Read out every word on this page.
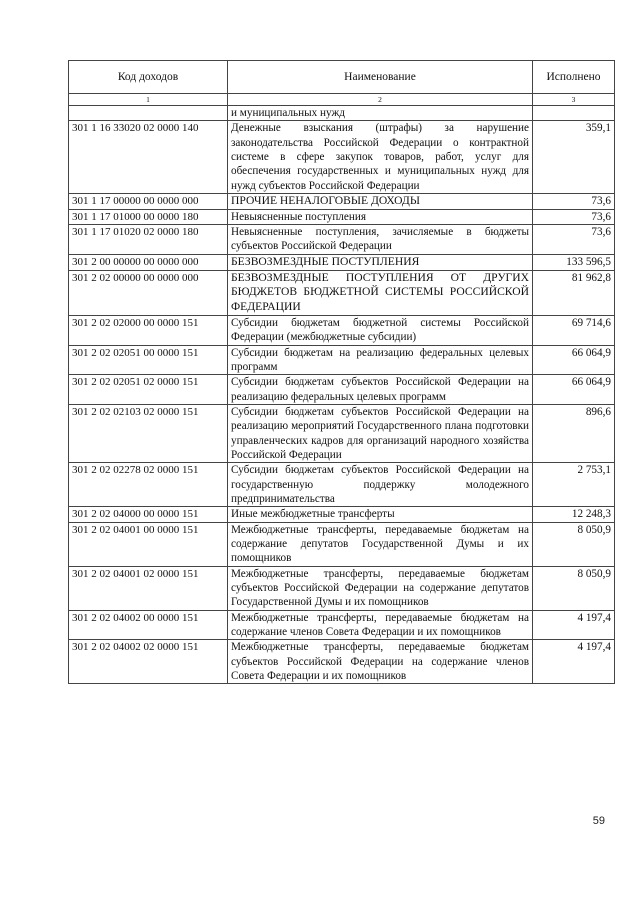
Код доходов	Наименование	Исполнено
1	2	3
	и муниципальных нужд	
301 1 16 33020 02 0000 140	Денежные взыскания (штрафы) за нарушение законодательства Российской Федерации о контрактной системе в сфере закупок товаров, работ, услуг для обеспечения государственных и муниципальных нужд для нужд субъектов Российской Федерации	359,1
301 1 17 00000 00 0000 000	ПРОЧИЕ НЕНАЛОГОВЫЕ ДОХОДЫ	73,6
301 1 17 01000 00 0000 180	Невыясненные поступления	73,6
301 1 17 01020 02 0000 180	Невыясненные поступления, зачисляемые в бюджеты субъектов Российской Федерации	73,6
301 2 00 00000 00 0000 000	БЕЗВОЗМЕЗДНЫЕ ПОСТУПЛЕНИЯ	133 596,5
301 2 02 00000 00 0000 000	БЕЗВОЗМЕЗДНЫЕ ПОСТУПЛЕНИЯ ОТ ДРУГИХ БЮДЖЕТОВ БЮДЖЕТНОЙ СИСТЕМЫ РОССИЙСКОЙ ФЕДЕРАЦИИ	81 962,8
301 2 02 02000 00 0000 151	Субсидии бюджетам бюджетной системы Российской Федерации (межбюджетные субсидии)	69 714,6
301 2 02 02051 00 0000 151	Субсидии бюджетам на реализацию федеральных целевых программ	66 064,9
301 2 02 02051 02 0000 151	Субсидии бюджетам субъектов Российской Федерации на реализацию федеральных целевых программ	66 064,9
301 2 02 02103 02 0000 151	Субсидии бюджетам субъектов Российской Федерации на реализацию мероприятий Государственного плана подготовки управленческих кадров для организаций народного хозяйства Российской Федерации	896,6
301 2 02 02278 02 0000 151	Субсидии бюджетам субъектов Российской Федерации на государственную поддержку молодежного предпринимательства	2 753,1
301 2 02 04000 00 0000 151	Иные межбюджетные трансферты	12 248,3
301 2 02 04001 00 0000 151	Межбюджетные трансферты, передаваемые бюджетам на содержание депутатов Государственной Думы и их помощников	8 050,9
301 2 02 04001 02 0000 151	Межбюджетные трансферты, передаваемые бюджетам субъектов Российской Федерации на содержание депутатов Государственной Думы и их помощников	8 050,9
301 2 02 04002 00 0000 151	Межбюджетные трансферты, передаваемые бюджетам на содержание членов Совета Федерации и их помощников	4 197,4
301 2 02 04002 02 0000 151	Межбюджетные трансферты, передаваемые бюджетам субъектов Российской Федерации на содержание членов Совета Федерации и их помощников	4 197,4
59
